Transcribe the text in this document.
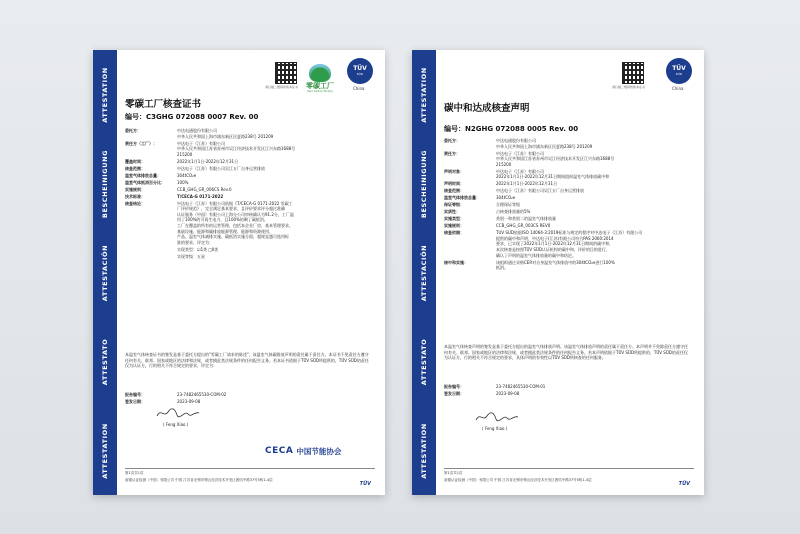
ATTESTATION
BESCHEINIGUNG
ATTESTACIÓN
ATTESTATO
ATTESTATION
请扫描二维码核验本证书	零碳工厂
Zero Carbon Factory
TÜV
SÜD
China
零碳工厂核查证书
编号：C3GHG 072088 0007 Rev. 00
委托方：	中达电通股份有限公司
中华人民共和国上海市浦东新区民夏路238号 201209
责任方（工厂）：	中达电子（江苏）有限公司
中华人民共和国江苏省苏州市吴江经济技术开发区江兴东路1688号
215200
覆盖时间：	2022年1月1日-2022年12月31日
核查范围：	中达电子（江苏）有限公司吴江五厂自身运营排放
温室气体排放总量：	304tCO₂e
温室气体抵消百分比：	100%
实施规则：	CCB_GHG_GR_006CS Rev.0
技术标准：	T/CECA-G 0171-2022
核查结论：	中达电子（江苏）有限公司依据《T/CECA-G 0171-2022 零碳工
厂评价规范》，完全满足基本要求，且评价要求评分超过准确
认证服务（中国）有限公司上海分公司审核确认为91.2分，工厂温
用了100%的可再生电力，且100%的剩了碳抵消。
工厂在覆盖的所有的运营管理，包括本企业厂房，基本管理要求、
基础设施、能源和碳排放能源管理、能源和资源使用、
产品、温室气体减排实施、碳抵消实施方面，超规直越可选用标
准的要求，评定为：
实现类型：☑1类 □Ⅱ类
实现等级：五星
本温室气体核查证书的签发是基于委托方提出的"零碳工厂请求的陈述"，该温室气体碳排放声明的责任属于责任方。本证书不免责任方遵守任何有关、联邦、国家或地区的法律和法规，或者摸此类法规条件的任何报告义务。若本证书依据于TÜV SÜD所提供的，TÜV SÜD的责任仅为认证方，行的相关不符合规定的要求，评定为：
报告编号：	23-7482465530-COM-02
签发日期：	2023-09-08
( Feng Xiao )
CECA 中国节能协会
第1页共1页
南德认证检测（中国）有限公司 中国 江苏省无锡市锡山经济技术开发区团结中路37号5栋1-4层
TÜV
ATTESTATION
BESCHEINIGUNG
ATTESTACIÓN
ATTESTATO
ATTESTATION
请扫描二维码核验本证书
TÜV
SÜD
China
碳中和达成核查声明
编号：N2GHG 072088 0005 Rev. 00
委托方：	中达电通股份有限公司
中华人民共和国上海市浦东新区民夏路238号 201209
责任方：	中达电子（江苏）有限公司
中华人民共和国江苏省苏州市吴江经济技术开发区江兴东路1688号
215200
声明对象：	中达电子（江苏）有限公司
2022年1月1日-2022年12月31日期间组织温室气体排放碳中和
声明时间：	2022年1月1日-2022年12月31日
核查范围：	中达电子（江苏）有限公司吴江五厂自身运营排放
温室气体排放总量：	304tCO₂e
保证等级：	合理保证等级
实质性：	占核查排放量的5%
实施类型：	类别一和类别二的温室气体排放量
实施规则：	CCB_GHG_GR_003CS REV0
核查依据：	TUV SUD依据ISO 14064-3:2019标准与规定的程序对中达电子（江苏）有限公司
提供的碳中和声明，中达电子(江苏)有限公司符合PAS 2060:2014
要求，已实现了2022年1月1日-2022年12月31日期间的碳中和，
本次核查是按照TÜV SÜD认证机构的碳中和、评价的目的进行，
确认了声明的温室气体排放量的碳中和结论。
核中和实施：	该组织通过采购CER对自身温室气体排放中的304tCO₂e进行100%
抵消。
本温室气体核查声明的签发是基于委托方提出的温室气体排放声明。该温室气体排放声明的责任属于责任方。本声明并不免除责任方遵守任何有关、联邦、国家或地区的法律和法规，或者摸此类法规条件的任何报告义务。若本声明依据于TÜV SÜD所提供的，TÜV SÜD的责任仅为认证方，行的相关不符合规定的要求，具体声明的有效性以TÜV SÜD所核查的任何服务。
报告编号：	23-7482465530-COM-01
签发日期：	2023-09-08
( Feng Xiao )
第1页共1页
南德认证检测（中国）有限公司 中国 江苏省无锡市锡山经济技术开发区团结中路37号5栋1-4层
TÜV
